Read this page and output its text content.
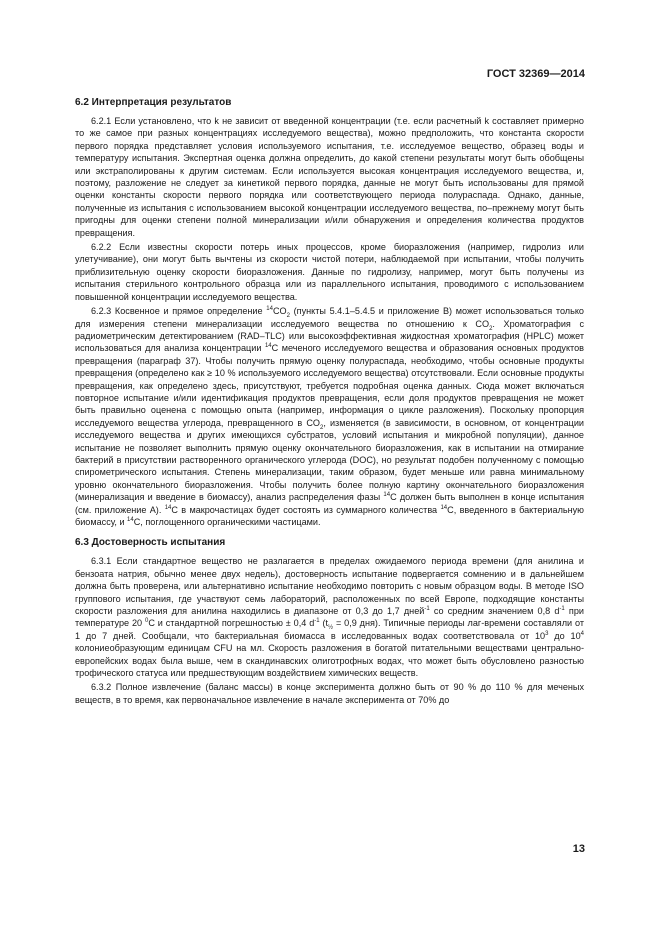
ГОСТ 32369—2014

6.2 Интерпретация результатов

6.2.1 Если установлено, что k не зависит от введенной концентрации (т.е. если расчетный k составляет примерно то же самое при разных концентрациях исследуемого вещества), можно предположить, что константа скорости первого порядка представляет условия используемого испытания, т.е. исследуемое вещество, образец воды и температуру испытания. Экспертная оценка должна определить, до какой степени результаты могут быть обобщены или экстраполированы к другим системам. Если используется высокая концентрация исследуемого вещества, и, поэтому, разложение не следует за кинетикой первого порядка, данные не могут быть использованы для прямой оценки константы скорости первого порядка или соответствующего периода полураспада. Однако, данные, полученные из испытания с использованием высокой концентрации исследуемого вещества, по–прежнему могут быть пригодны для оценки степени полной минерализации и/или обнаружения и определения количества продуктов превращения.

6.2.2 Если известны скорости потерь иных процессов, кроме биоразложения (например, гидролиз или улетучивание), они могут быть вычтены из скорости чистой потери, наблюдаемой при испытании, чтобы получить приблизительную оценку скорости биоразложения. Данные по гидролизу, например, могут быть получены из испытания стерильного контрольного образца или из параллельного испытания, проводимого с использованием повышенной концентрации исследуемого вещества.

6.2.3 Косвенное и прямое определение $^{14}CO_2$ (пункты 5.4.1–5.4.5 и приложение В) может использоваться только для измерения степени минерализации исследуемого вещества по отношению к $CO_2$. Хроматография с радиометрическим детектированием (RAD–TLC) или высокоэффективная жидкостная хроматография (HPLC) может использоваться для анализа концентрации $^{14}$C меченого исследуемого вещества и образования основных продуктов превращения (параграф 37). Чтобы получить прямую оценку полураспада, необходимо, чтобы основные продукты превращения (определено как ≥ 10 % используемого исследуемого вещества) отсутствовали. Если основные продукты превращения, как определено здесь, присутствуют, требуется подробная оценка данных. Сюда может включаться повторное испытание и/или идентификация продуктов превращения, если доля продуктов превращения не может быть правильно оценена с помощью опыта (например, информация о цикле разложения). Поскольку пропорция исследуемого вещества углерода, превращенного в $CO_2$, изменяется (в зависимости, в основном, от концентрации исследуемого вещества и других имеющихся субстратов, условий испытания и микробной популяции), данное испытание не позволяет выполнить прямую оценку окончательного биоразложения, как в испытании на отмирание бактерий в присутствии растворенного органического углерода (DOC), но результат подобен полученному с помощью спирометрического испытания. Степень минерализации, таким образом, будет меньше или равна минимальному уровню окончательного биоразложения. Чтобы получить более полную картину окончательного биоразложения (минерализация и введение в биомассу), анализ распределения фазы $^{14}$C должен быть выполнен в конце испытания (см. приложение А). $^{14}$C в макрочастицах будет состоять из суммарного количества $^{14}$C, введенного в бактериальную биомассу, и $^{14}$C, поглощенного органическими частицами.

6.3 Достоверность испытания

6.3.1 Если стандартное вещество не разлагается в пределах ожидаемого периода времени (для анилина и бензоата натрия, обычно менее двух недель), достоверность испытание подвергается сомнению и в дальнейшем должна быть проверена, или альтернативно испытание необходимо повторить с новым образцом воды. В методе ISO группового испытания, где участвуют семь лабораторий, расположенных по всей Европе, подходящие константы скорости разложения для анилина находились в диапазоне от 0,3 до 1,7 дней$^{-1}$ со средним значением 0,8 $d^{-1}$ при температуре 20 $^0$C и стандартной погрешностью ± 0,4 $d^{-1}$ ($t_{\frac{1}{2}} = 0,9$ дня). Типичные периоды лаг-времени составляли от 1 до 7 дней. Сообщали, что бактериальная биомасса в исследованных водах соответствовала от $10^3$ до $10^4$ колониеобразующим единицам CFU на мл. Скорость разложения в богатой питательными веществами центрально-европейских водах была выше, чем в скандинавских олиготрофных водах, что может быть обусловлено разностью трофического статуса или предшествующим воздействием химических веществ.

6.3.2 Полное извлечение (баланс массы) в конце эксперимента должно быть от 90 % до 110 % для меченых веществ, в то время, как первоначальное извлечение в начале эксперимента от 70% до

13
